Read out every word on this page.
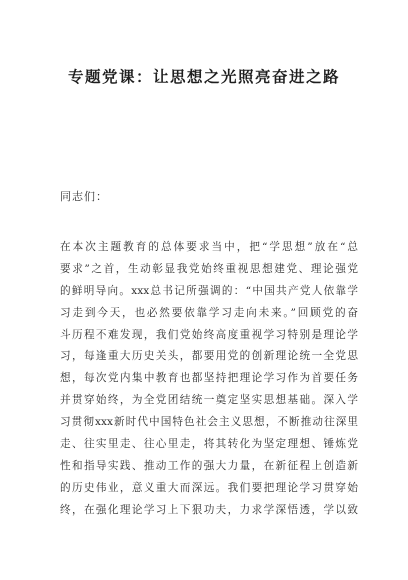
专题党课：让思想之光照亮奋进之路
同志们：
在本次主题教育的总体要求当中，把“学思想”放在“总
要求”之首，生动彰显我党始终重视思想建党、理论强党
的鲜明导向。xxx总书记所强调的：“中国共产党人依靠学
习走到今天，也必然要依靠学习走向未来。”回顾党的奋
斗历程不难发现，我们党始终高度重视学习特别是理论学
习，每逢重大历史关头，都要用党的创新理论统一全党思
想，每次党内集中教育也都坚持把理论学习作为首要任务
并贯穿始终，为全党团结统一奠定坚实思想基础。深入学
习贯彻xxx新时代中国特色社会主义思想，不断推动往深里
走、往实里走、往心里走，将其转化为坚定理想、锤炼党
性和指导实践、推动工作的强大力量，在新征程上创造新
的历史伟业，意义重大而深远。我们要把理论学习贯穿始
终，在强化理论学习上下狠功夫，力求学深悟透，学以致
